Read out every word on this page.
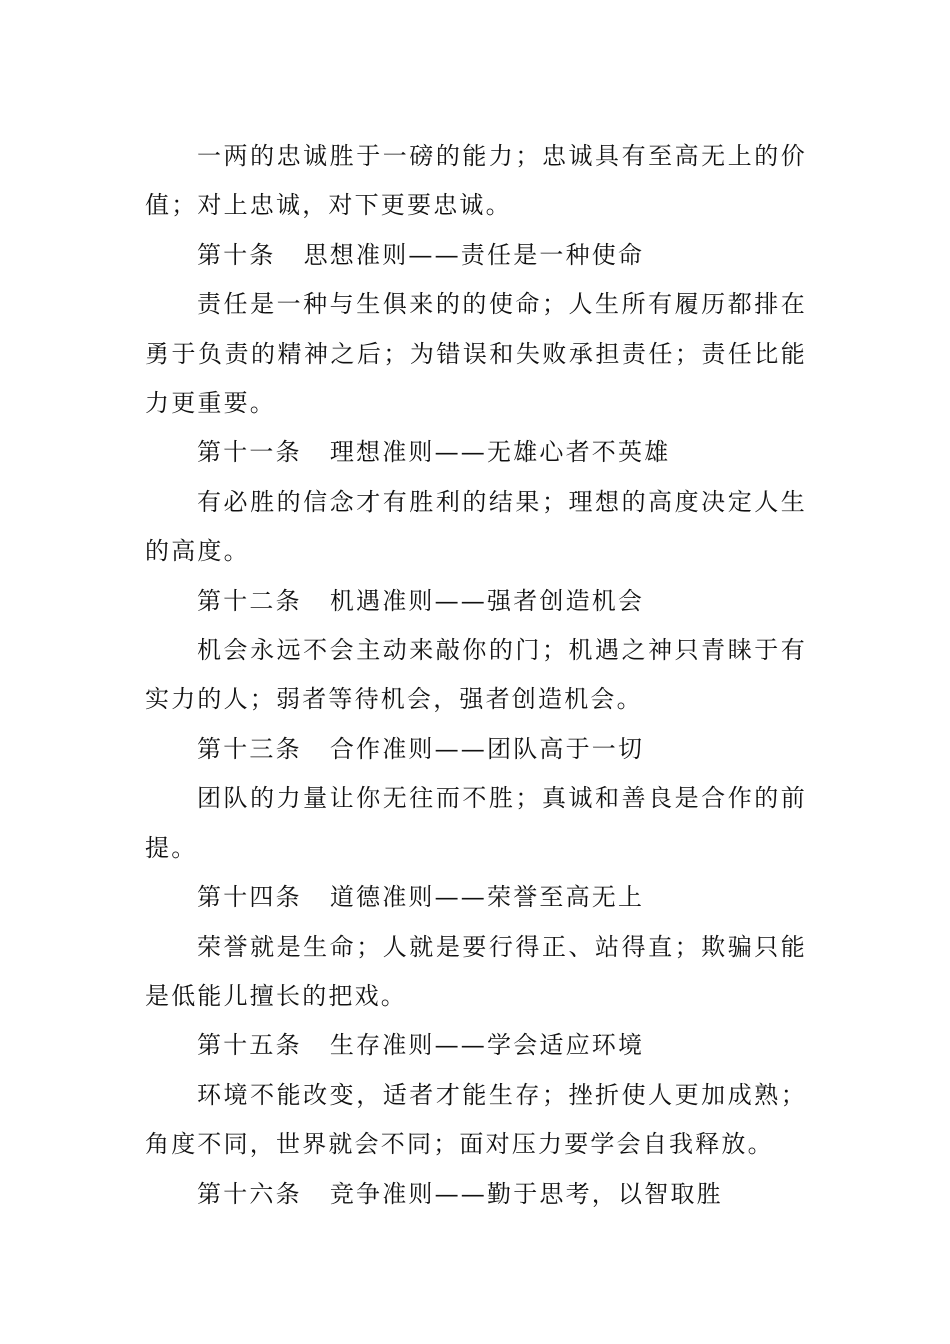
一两的忠诚胜于一磅的能力；忠诚具有至高无上的价值；对上忠诚，对下更要忠诚。

第十条 思想准则——责任是一种使命

责任是一种与生俱来的的使命；人生所有履历都排在勇于负责的精神之后；为错误和失败承担责任；责任比能力更重要。

第十一条 理想准则——无雄心者不英雄

有必胜的信念才有胜利的结果；理想的高度决定人生的高度。

第十二条 机遇准则——强者创造机会

机会永远不会主动来敲你的门；机遇之神只青睐于有实力的人；弱者等待机会，强者创造机会。

第十三条 合作准则——团队高于一切

团队的力量让你无往而不胜；真诚和善良是合作的前提。

第十四条 道德准则——荣誉至高无上

荣誉就是生命；人就是要行得正、站得直；欺骗只能是低能儿擅长的把戏。

第十五条 生存准则——学会适应环境

环境不能改变，适者才能生存；挫折使人更加成熟；角度不同，世界就会不同；面对压力要学会自我释放。

第十六条 竞争准则——勤于思考，以智取胜
